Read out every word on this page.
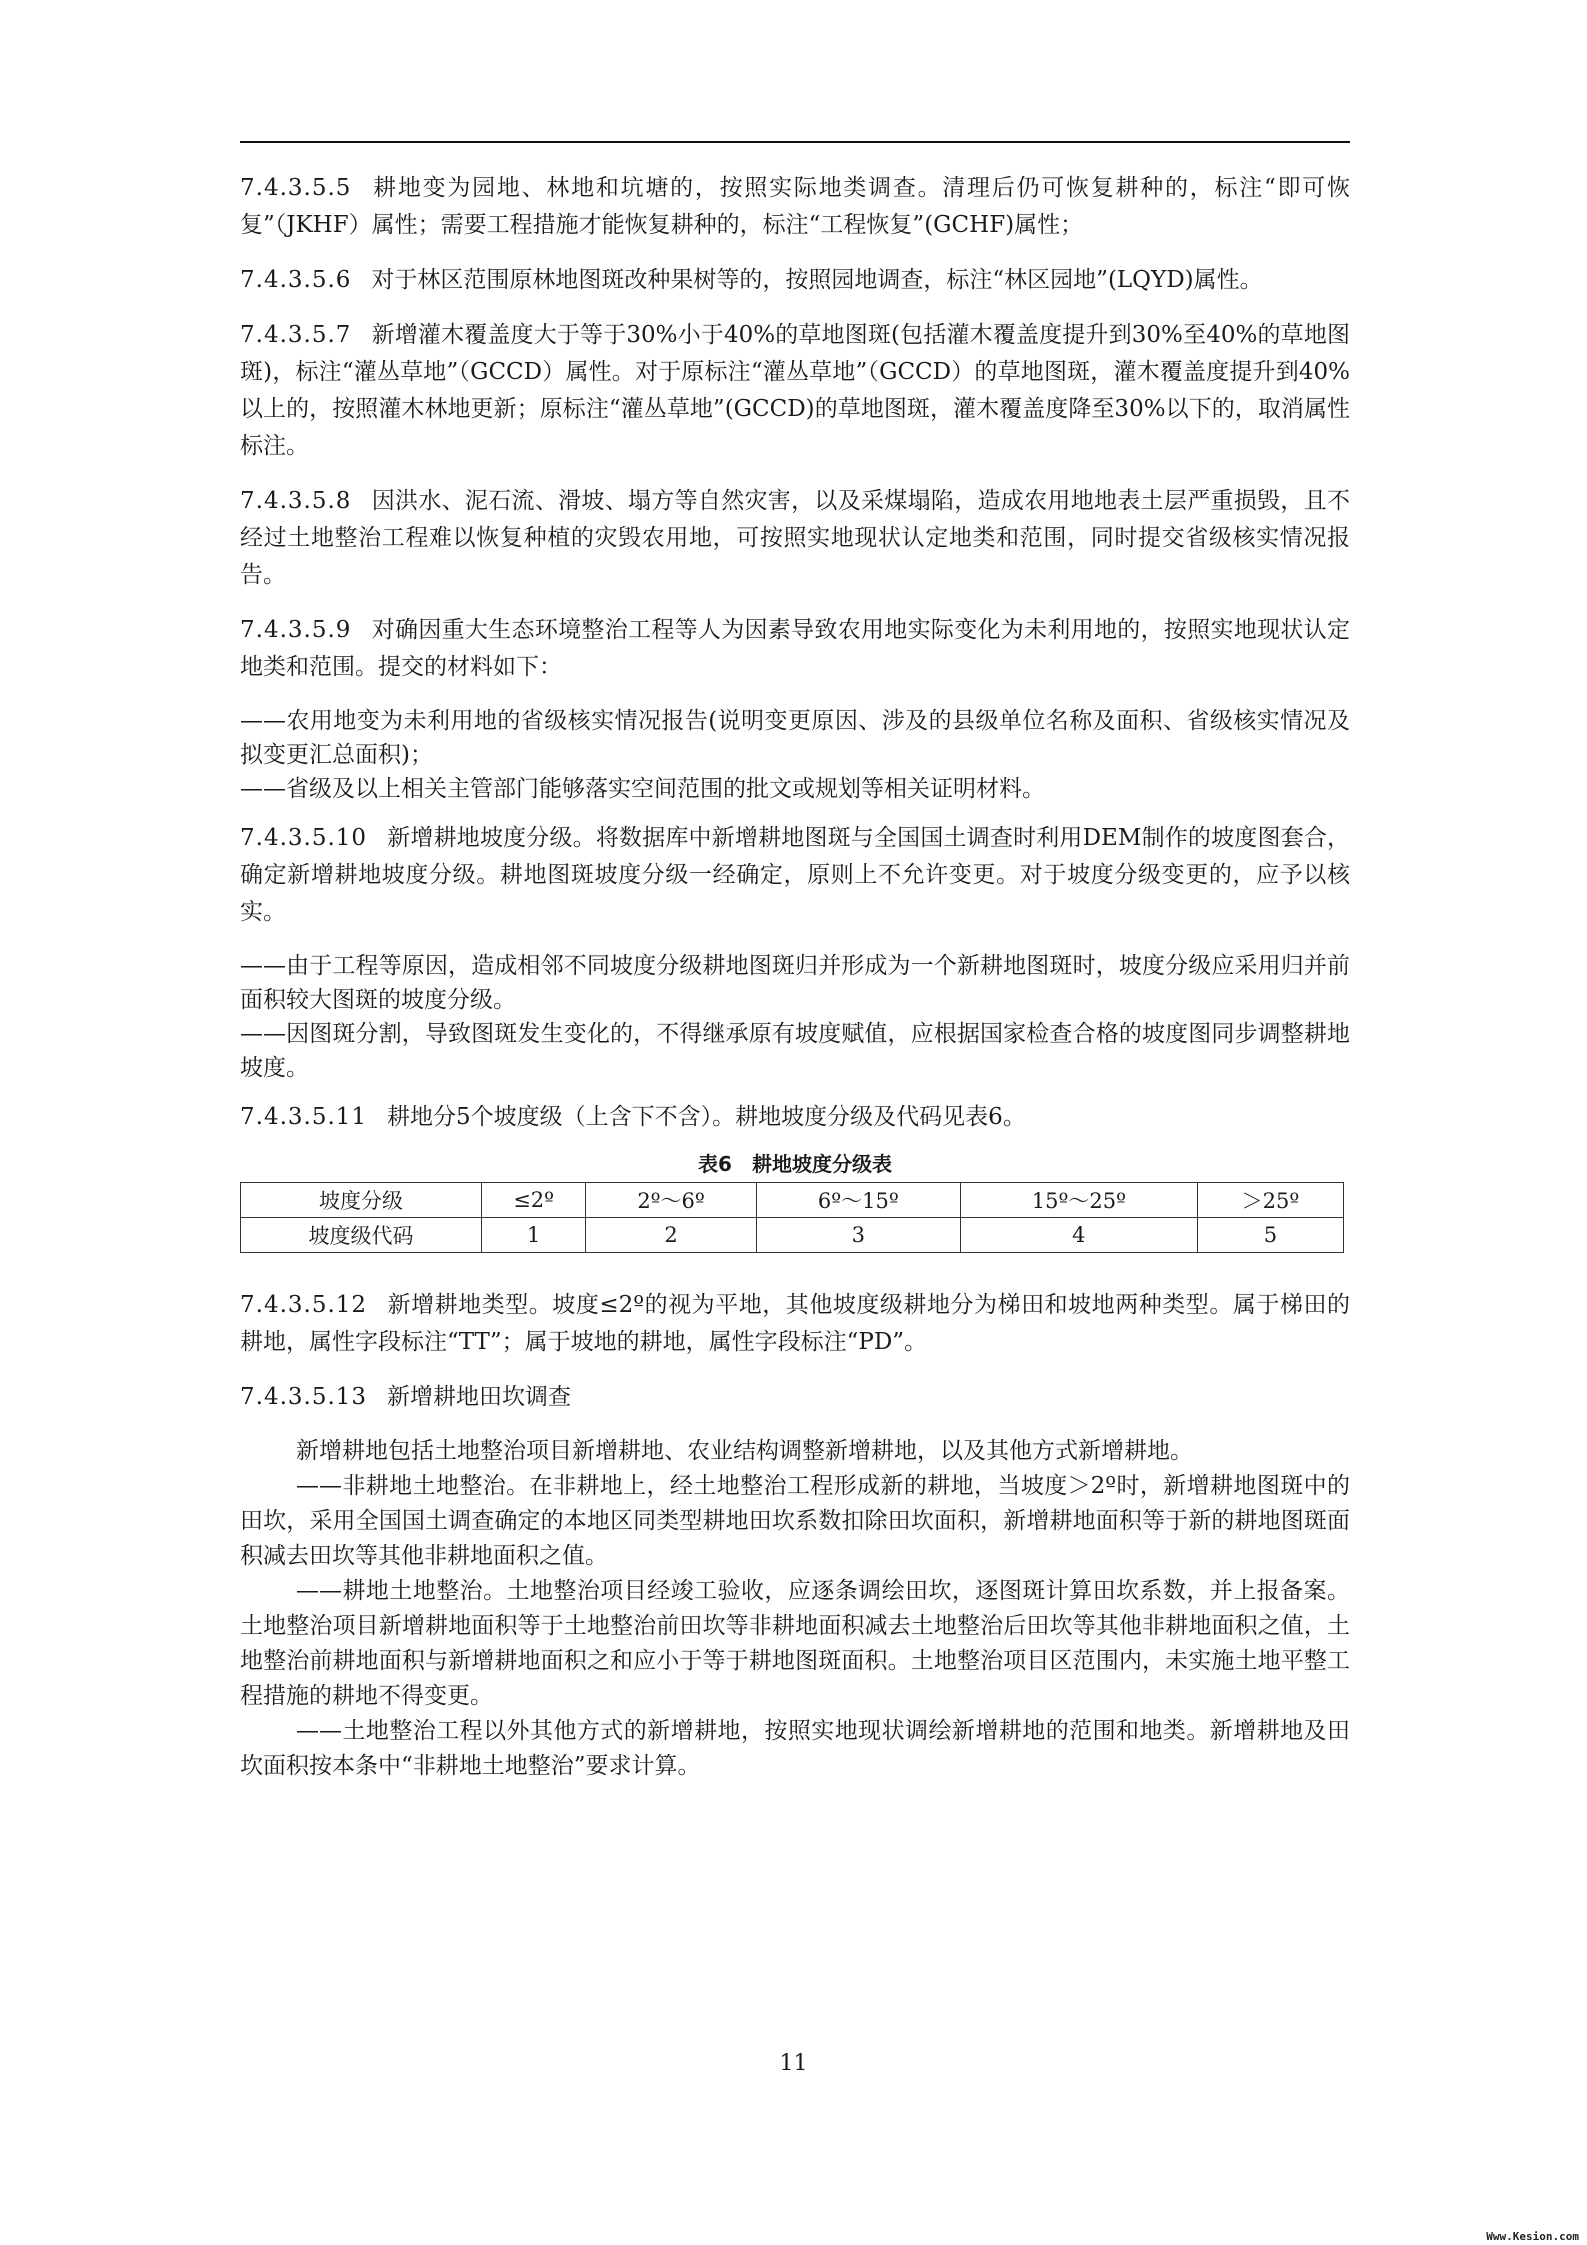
7.4.3.5.5 耕地变为园地、林地和坑塘的，按照实际地类调查。清理后仍可恢复耕种的，标注“即可恢复”（JKHF）属性；需要工程措施才能恢复耕种的，标注“工程恢复”(GCHF)属性；

7.4.3.5.6 对于林区范围原林地图斑改种果树等的，按照园地调查，标注“林区园地”(LQYD)属性。

7.4.3.5.7 新增灌木覆盖度大于等于30%小于40%的草地图斑(包括灌木覆盖度提升到30%至40%的草地图斑)，标注“灌丛草地”（GCCD）属性。对于原标注“灌丛草地”（GCCD）的草地图斑，灌木覆盖度提升到40%以上的，按照灌木林地更新；原标注“灌丛草地”(GCCD)的草地图斑，灌木覆盖度降至30%以下的，取消属性标注。

7.4.3.5.8 因洪水、泥石流、滑坡、塌方等自然灾害，以及采煤塌陷，造成农用地地表土层严重损毁，且不经过土地整治工程难以恢复种植的灾毁农用地，可按照实地现状认定地类和范围，同时提交省级核实情况报告。

7.4.3.5.9 对确因重大生态环境整治工程等人为因素导致农用地实际变化为未利用地的，按照实地现状认定地类和范围。提交的材料如下：

——农用地变为未利用地的省级核实情况报告(说明变更原因、涉及的县级单位名称及面积、省级核实情况及拟变更汇总面积)；

——省级及以上相关主管部门能够落实空间范围的批文或规划等相关证明材料。

7.4.3.5.10 新增耕地坡度分级。将数据库中新增耕地图斑与全国国土调查时利用DEM制作的坡度图套合，确定新增耕地坡度分级。耕地图斑坡度分级一经确定，原则上不允许变更。对于坡度分级变更的，应予以核实。

——由于工程等原因，造成相邻不同坡度分级耕地图斑归并形成为一个新耕地图斑时，坡度分级应采用归并前面积较大图斑的坡度分级。

——因图斑分割，导致图斑发生变化的，不得继承原有坡度赋值，应根据国家检查合格的坡度图同步调整耕地坡度。

7.4.3.5.11 耕地分5个坡度级（上含下不含）。耕地坡度分级及代码见表6。

表6　耕地坡度分级表
坡度分级	≤2º	2º～6º	6º～15º	15º～25º	＞25º
坡度级代码	1	2	3	4	5

7.4.3.5.12 新增耕地类型。坡度≤2º的视为平地，其他坡度级耕地分为梯田和坡地两种类型。属于梯田的耕地，属性字段标注“TT”；属于坡地的耕地，属性字段标注“PD”。

7.4.3.5.13 新增耕地田坎调查

新增耕地包括土地整治项目新增耕地、农业结构调整新增耕地，以及其他方式新增耕地。

——非耕地土地整治。在非耕地上，经土地整治工程形成新的耕地，当坡度＞2º时，新增耕地图斑中的田坎，采用全国国土调查确定的本地区同类型耕地田坎系数扣除田坎面积，新增耕地面积等于新的耕地图斑面积减去田坎等其他非耕地面积之值。

——耕地土地整治。土地整治项目经竣工验收，应逐条调绘田坎，逐图斑计算田坎系数，并上报备案。土地整治项目新增耕地面积等于土地整治前田坎等非耕地面积减去土地整治后田坎等其他非耕地面积之值，土地整治前耕地面积与新增耕地面积之和应小于等于耕地图斑面积。土地整治项目区范围内，未实施土地平整工程措施的耕地不得变更。

——土地整治工程以外其他方式的新增耕地，按照实地现状调绘新增耕地的范围和地类。新增耕地及田坎面积按本条中“非耕地土地整治”要求计算。

11
Www.Kesion.com
